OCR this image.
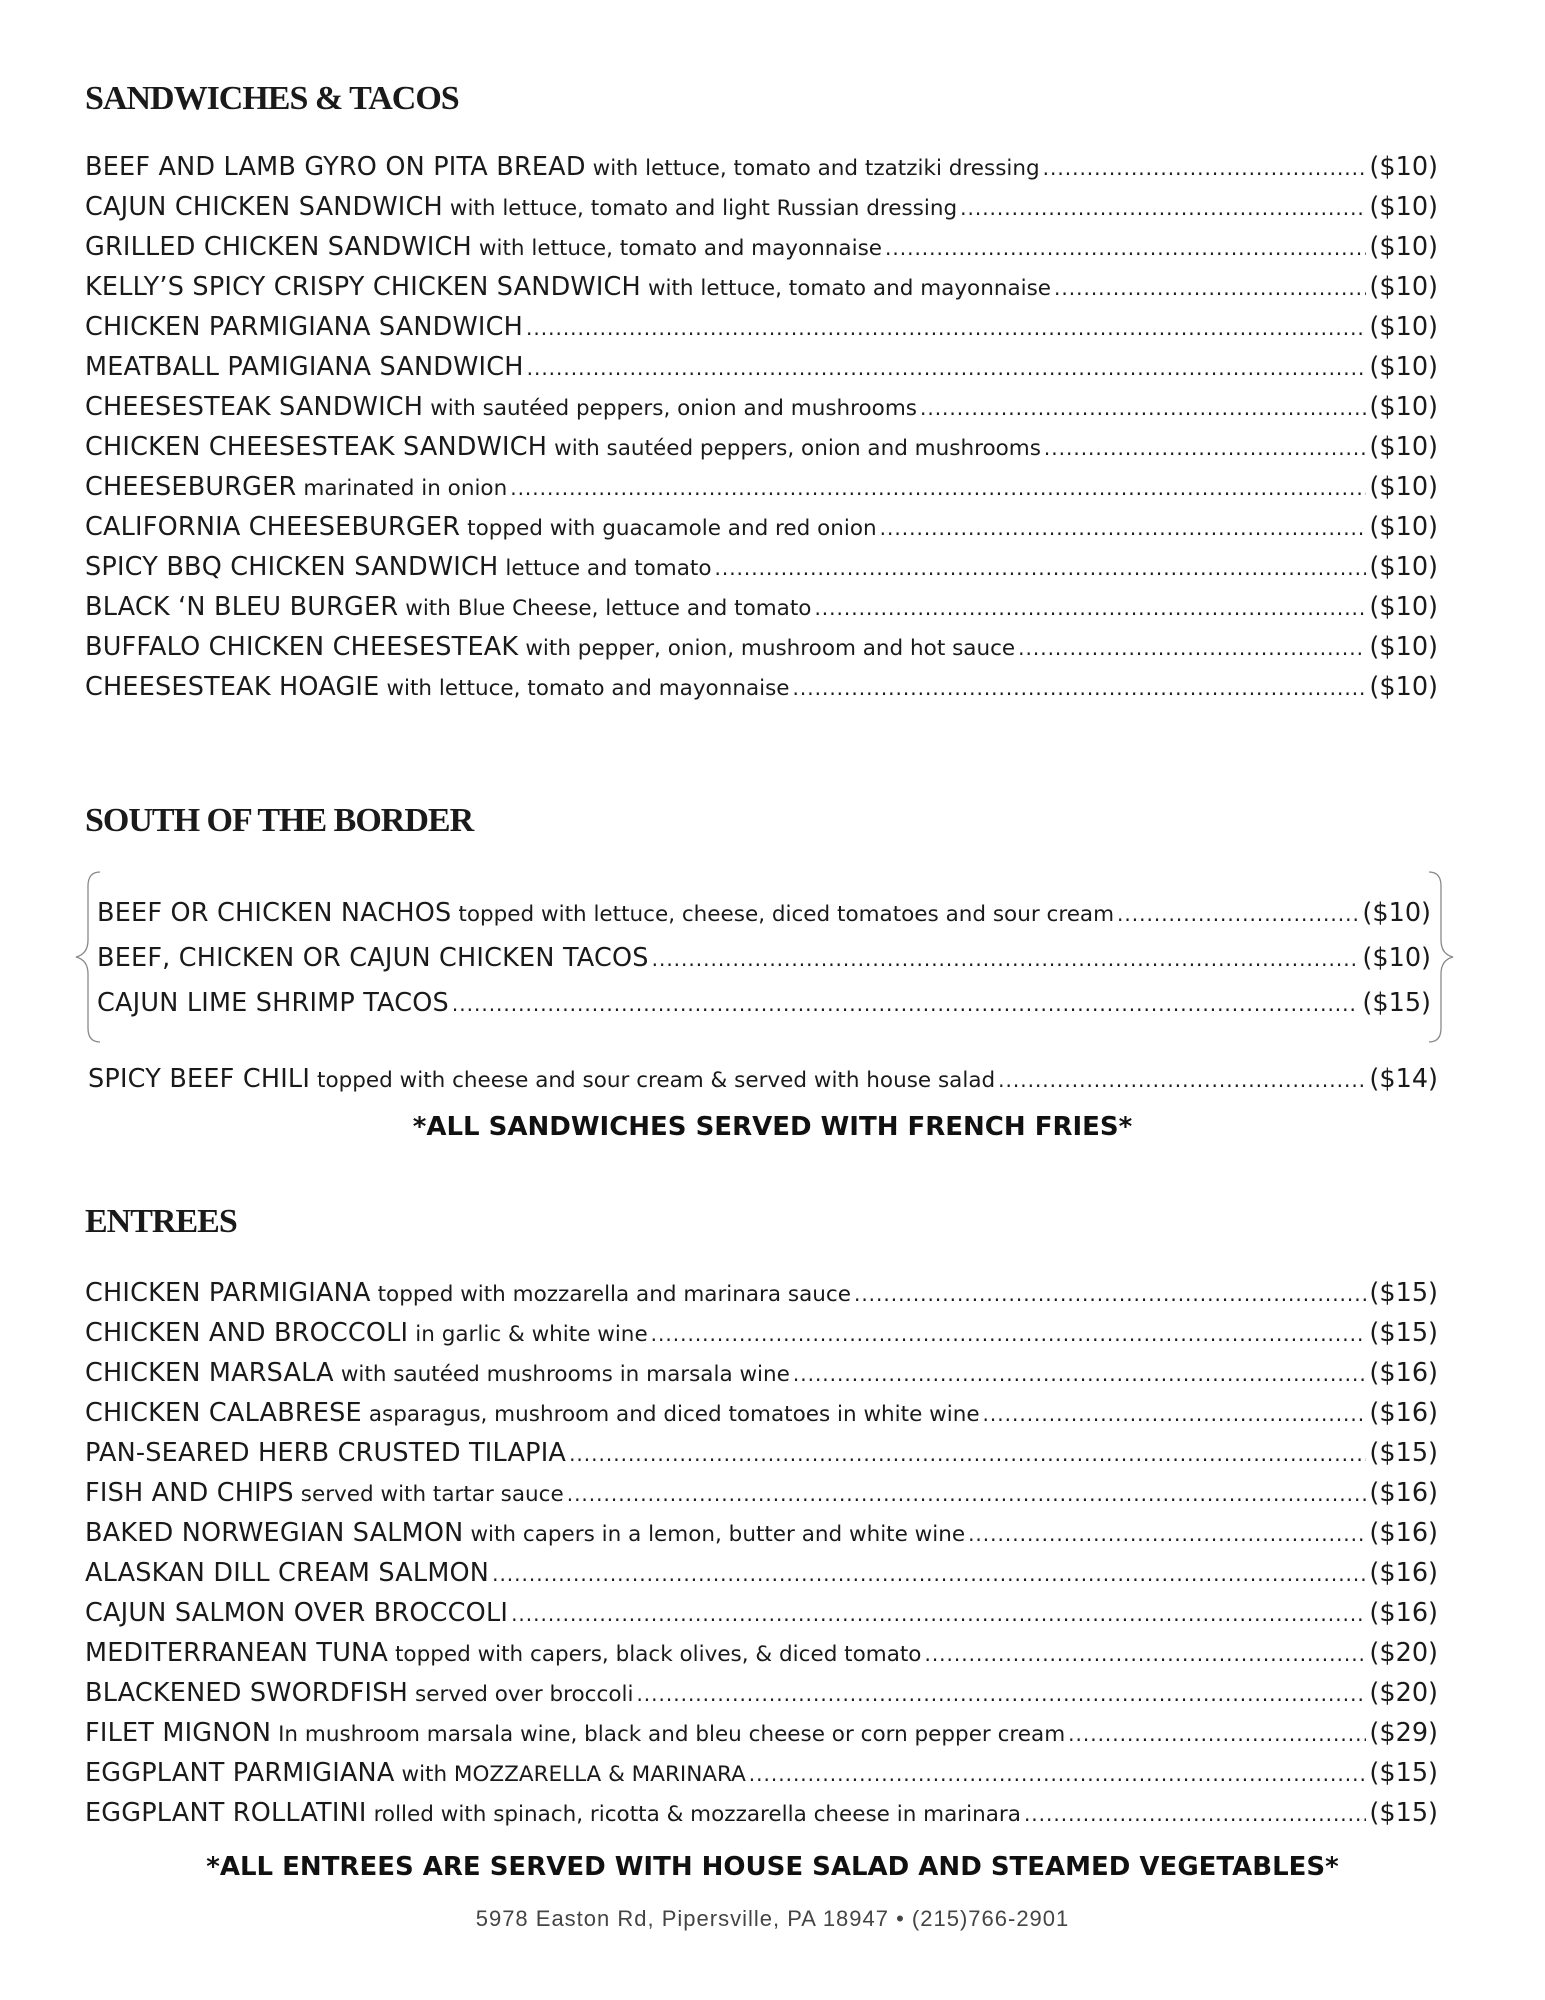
SANDWICHES & TACOS
BEEF AND LAMB GYRO ON PITA BREAD with lettuce, tomato and tzatziki dressing .....	($10)
CAJUN CHICKEN SANDWICH with lettuce, tomato and light Russian dressing .....	($10)
GRILLED CHICKEN SANDWICH with lettuce, tomato and mayonnaise .....	($10)
KELLY’S SPICY CRISPY CHICKEN SANDWICH with lettuce, tomato and mayonnaise .....	($10)
CHICKEN PARMIGIANA SANDWICH .....	($10)
MEATBALL PAMIGIANA SANDWICH .....	($10)
CHEESESTEAK SANDWICH with sautéed peppers, onion and mushrooms .....	($10)
CHICKEN CHEESESTEAK SANDWICH with sautéed peppers, onion and mushrooms .....	($10)
CHEESEBURGER marinated in onion .....	($10)
CALIFORNIA CHEESEBURGER topped with guacamole and red onion .....	($10)
SPICY BBQ CHICKEN SANDWICH lettuce and tomato .....	($10)
BLACK ‘N BLEU BURGER with Blue Cheese, lettuce and tomato .....	($10)
BUFFALO CHICKEN CHEESESTEAK with pepper, onion, mushroom and hot sauce .....	($10)
CHEESESTEAK HOAGIE with lettuce, tomato and mayonnaise .....	($10)
SOUTH OF THE BORDER
BEEF OR CHICKEN NACHOS topped with lettuce, cheese, diced tomatoes and sour cream .....	($10)
BEEF, CHICKEN OR CAJUN CHICKEN TACOS .....	($10)
CAJUN LIME SHRIMP TACOS .....	($15)
SPICY BEEF CHILI topped with cheese and sour cream & served with house salad .....	($14)

*ALL SANDWICHES SERVED WITH FRENCH FRIES*

ENTREES
CHICKEN PARMIGIANA topped with mozzarella and marinara sauce .....	($15)
CHICKEN AND BROCCOLI in garlic & white wine .....	($15)
CHICKEN MARSALA with sautéed mushrooms in marsala wine .....	($16)
CHICKEN CALABRESE asparagus, mushroom and diced tomatoes in white wine .....	($16)
PAN-SEARED HERB CRUSTED TILAPIA .....	($15)
FISH AND CHIPS served with tartar sauce .....	($16)
BAKED NORWEGIAN SALMON with capers in a lemon, butter and white wine .....	($16)
ALASKAN DILL CREAM SALMON .....	($16)
CAJUN SALMON OVER BROCCOLI .....	($16)
MEDITERRANEAN TUNA topped with capers, black olives, & diced tomato .....	($20)
BLACKENED SWORDFISH served over broccoli .....	($20)
FILET MIGNON In mushroom marsala wine, black and bleu cheese or corn pepper cream .....	($29)
EGGPLANT PARMIGIANA with MOZZARELLA & MARINARA .....	($15)
EGGPLANT ROLLATINI rolled with spinach, ricotta & mozzarella cheese in marinara .....	($15)

*ALL ENTREES ARE SERVED WITH HOUSE SALAD AND STEAMED VEGETABLES*

5978 Easton Rd, Pipersville, PA 18947 • (215)766-2901
